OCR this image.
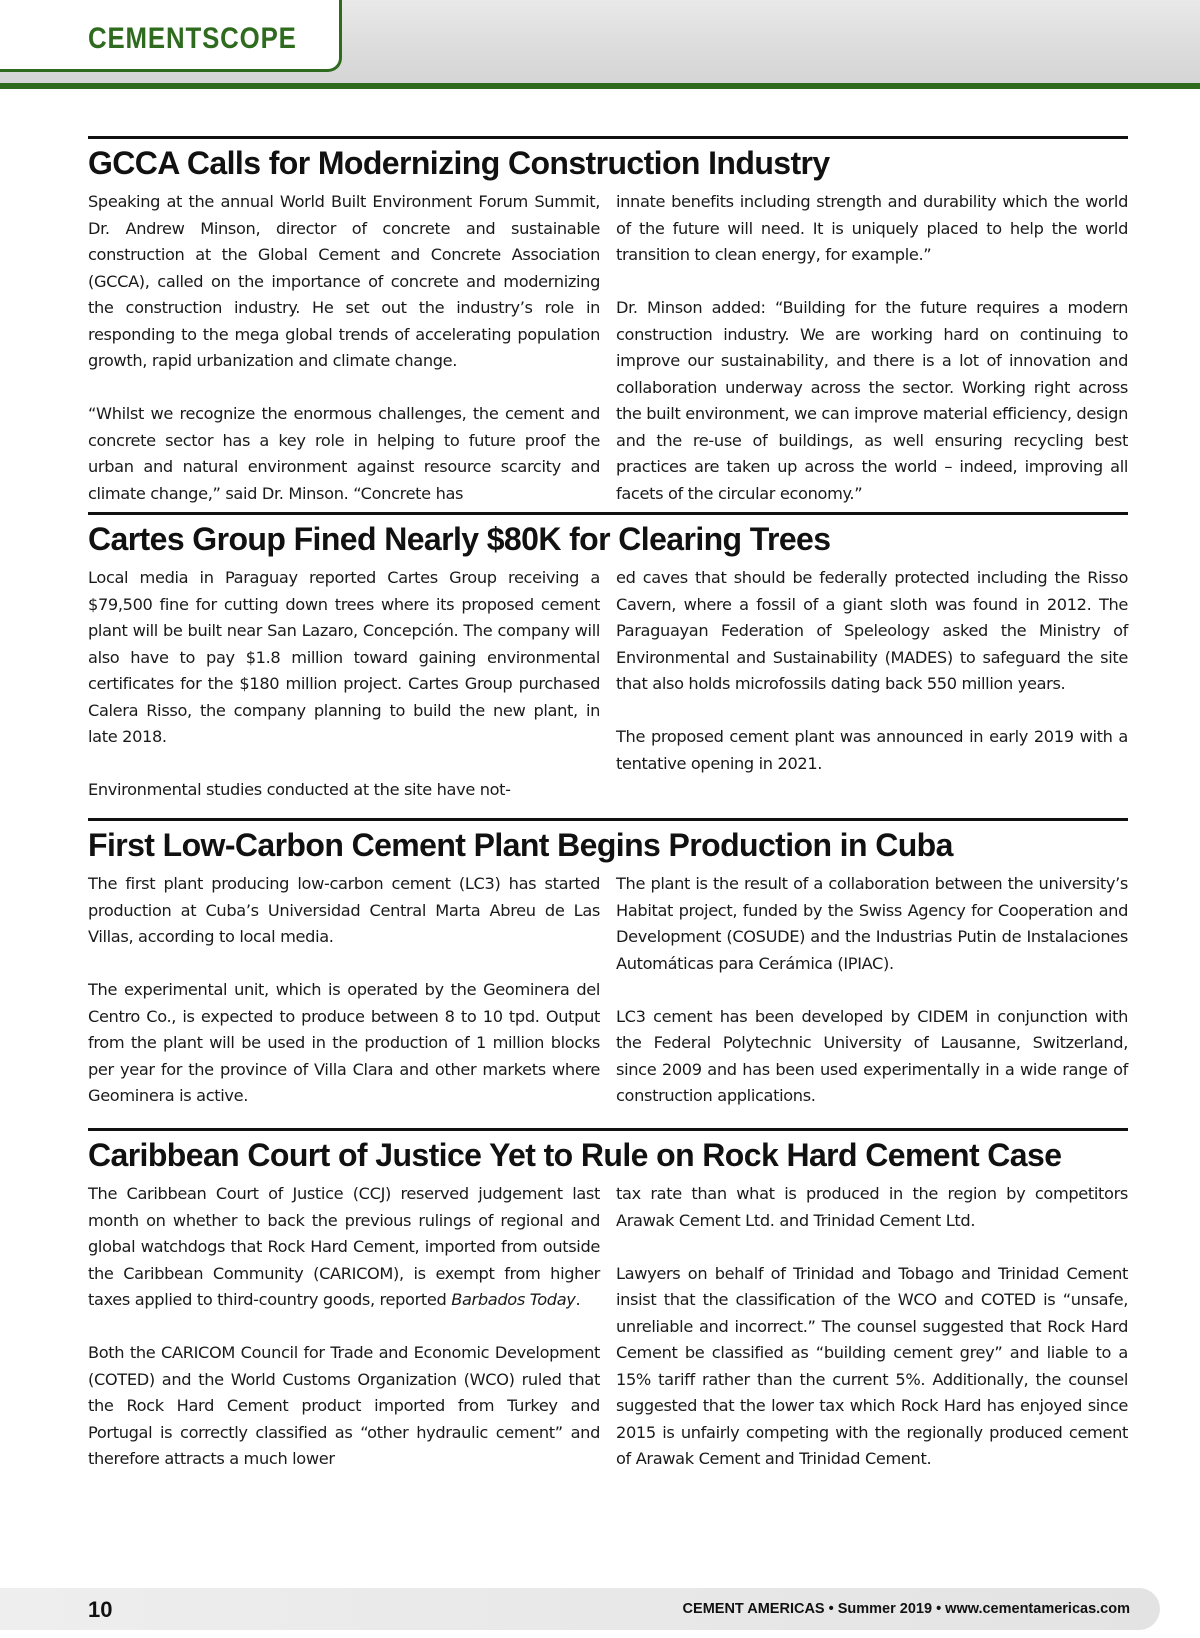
CEMENTSCOPE
GCCA Calls for Modernizing Construction Industry

Speaking at the annual World Built Environment Forum Summit, Dr. Andrew Minson, director of concrete and sustainable construction at the Global Cement and Concrete Association (GCCA), called on the importance of concrete and modernizing the construction industry. He set out the industry’s role in responding to the mega global trends of accelerating population growth, rapid urbanization and climate change.

“Whilst we recognize the enormous challenges, the cement and concrete sector has a key role in helping to future proof the urban and natural environment against resource scarcity and climate change,” said Dr. Minson. “Concrete has

innate benefits including strength and durability which the world of the future will need. It is uniquely placed to help the world transition to clean energy, for example.”

Dr. Minson added: “Building for the future requires a modern construction industry. We are working hard on continuing to improve our sustainability, and there is a lot of innovation and collaboration underway across the sector. Working right across the built environment, we can improve material efficiency, design and the re-use of buildings, as well ensuring recycling best practices are taken up across the world – indeed, improving all facets of the circular economy.”

Cartes Group Fined Nearly $80K for Clearing Trees

Local media in Paraguay reported Cartes Group receiving a $79,500 fine for cutting down trees where its proposed cement plant will be built near San Lazaro, Concepción. The company will also have to pay $1.8 million toward gaining environmental certificates for the $180 million project. Cartes Group purchased Calera Risso, the company planning to build the new plant, in late 2018.

Environmental studies conducted at the site have not-

ed caves that should be federally protected including the Risso Cavern, where a fossil of a giant sloth was found in 2012. The Paraguayan Federation of Speleology asked the Ministry of Environmental and Sustainability (MADES) to safeguard the site that also holds microfossils dating back 550 million years.

The proposed cement plant was announced in early 2019 with a tentative opening in 2021.

First Low-Carbon Cement Plant Begins Production in Cuba

The first plant producing low-carbon cement (LC3) has started production at Cuba’s Universidad Central Marta Abreu de Las Villas, according to local media.

The experimental unit, which is operated by the Geominera del Centro Co., is expected to produce between 8 to 10 tpd. Output from the plant will be used in the production of 1 million blocks per year for the province of Villa Clara and other markets where Geominera is active.

The plant is the result of a collaboration between the university’s Habitat project, funded by the Swiss Agency for Cooperation and Development (COSUDE) and the Industrias Putin de Instalaciones Automáticas para Cerámica (IPIAC).

LC3 cement has been developed by CIDEM in conjunction with the Federal Polytechnic University of Lausanne, Switzerland, since 2009 and has been used experimentally in a wide range of construction applications.

Caribbean Court of Justice Yet to Rule on Rock Hard Cement Case

The Caribbean Court of Justice (CCJ) reserved judgement last month on whether to back the previous rulings of regional and global watchdogs that Rock Hard Cement, imported from outside the Caribbean Community (CARICOM), is exempt from higher taxes applied to third-country goods, reported Barbados Today.

Both the CARICOM Council for Trade and Economic Development (COTED) and the World Customs Organization (WCO) ruled that the Rock Hard Cement product imported from Turkey and Portugal is correctly classified as “other hydraulic cement” and therefore attracts a much lower

tax rate than what is produced in the region by competitors Arawak Cement Ltd. and Trinidad Cement Ltd.

Lawyers on behalf of Trinidad and Tobago and Trinidad Cement insist that the classification of the WCO and COTED is “unsafe, unreliable and incorrect.” The counsel suggested that Rock Hard Cement be classified as “building cement grey” and liable to a 15% tariff rather than the current 5%. Additionally, the counsel suggested that the lower tax which Rock Hard has enjoyed since 2015 is unfairly competing with the regionally produced cement of Arawak Cement and Trinidad Cement.

10	CEMENT AMERICAS • Summer 2019 • www.cementamericas.com
